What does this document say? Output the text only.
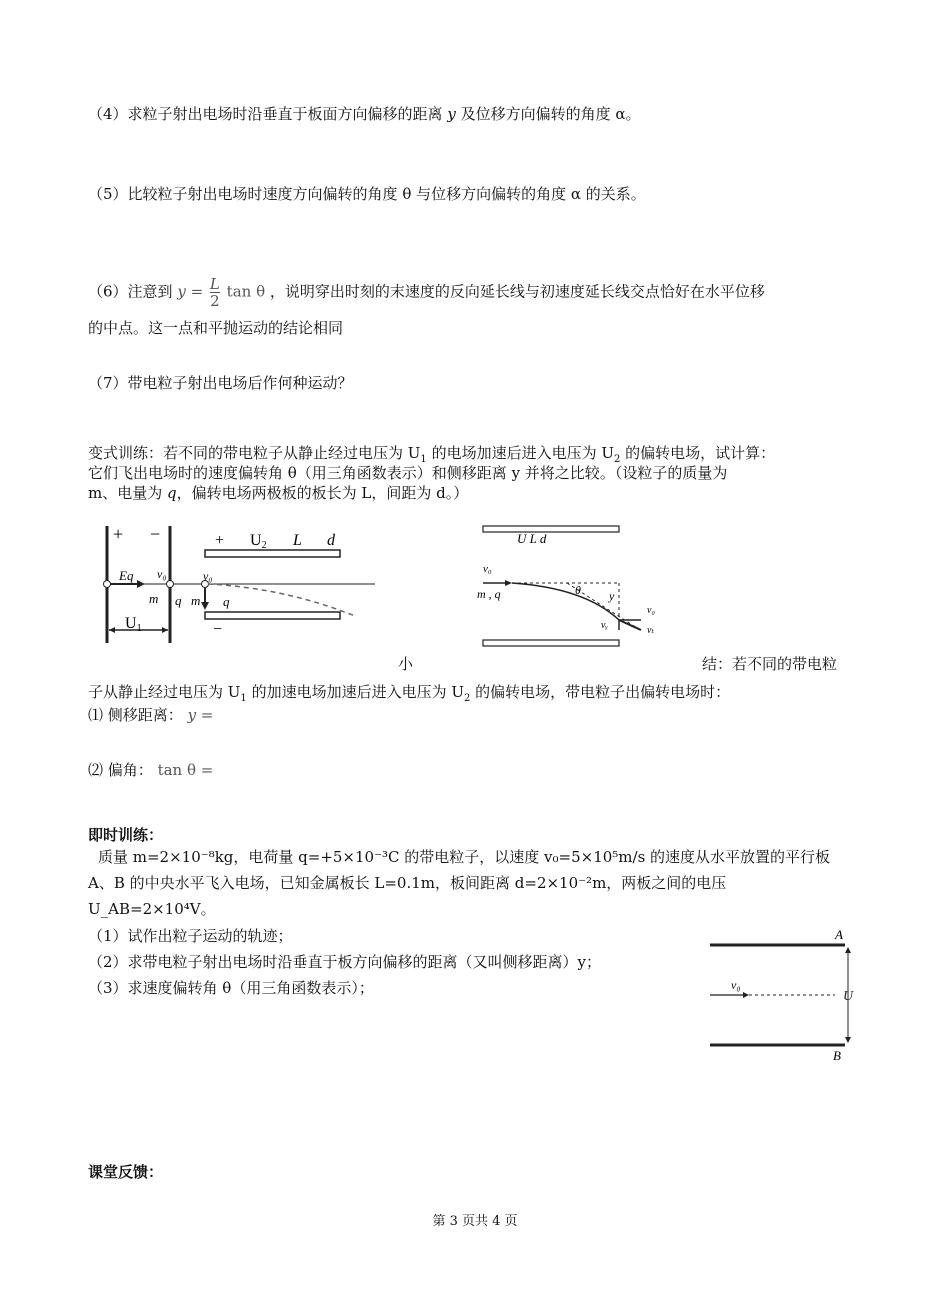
（4）求粒子射出电场时沿垂直于板面方向偏移的距离 y 及位移方向偏转的角度 α。
（5）比较粒子射出电场时速度方向偏转的角度 θ 与位移方向偏转的角度 α 的关系。
（6）注意到 $y = \frac{L}{2}$ tan θ ，说明穿出时刻的末速度的反向延长线与初速度延长线交点恰好在水平位移
的中点。这一点和平抛运动的结论相同
（7）带电粒子射出电场后作何种运动？
变式训练：若不同的带电粒子从静止经过电压为 $U_1$ 的电场加速后进入电压为 $U_2$ 的偏转电场，试计算：
它们飞出电场时的速度偏转角 θ（用三角函数表示）和侧移距离 y 并将之比较。（设粒子的质量为
m、电量为 q，偏转电场两极板的板长为 L，间距为 d。）
+ −	+ U2 L d
Eq v₀	v₀
m q m q
−
U1
U L d
v₀
m , q	θ y
v₀
vᵧ	vₜ
小	结：若不同的带电粒
子从静止经过电压为 $U_1$ 的加速电场加速后进入电压为 $U_2$ 的偏转电场，带电粒子出偏转电场时：
⑴ 侧移距离： y =
⑵ 偏角： tan θ =
即时训练：
质量 m=2×10⁻⁸kg，电荷量 q=+5×10⁻³C 的带电粒子，以速度 v₀=5×10⁵m/s 的速度从水平放置的平行板
A、B 的中央水平飞入电场，已知金属板长 L=0.1m，板间距离 d=2×10⁻²m，两板之间的电压
U_AB=2×10⁴V。
（1）试作出粒子运动的轨迹；
（2）求带电粒子射出电场时沿垂直于板方向偏移的距离（又叫侧移距离）y；
（3）求速度偏转角 θ（用三角函数表示）；
A
B
U
v₀
课堂反馈：
第 3 页共 4 页
